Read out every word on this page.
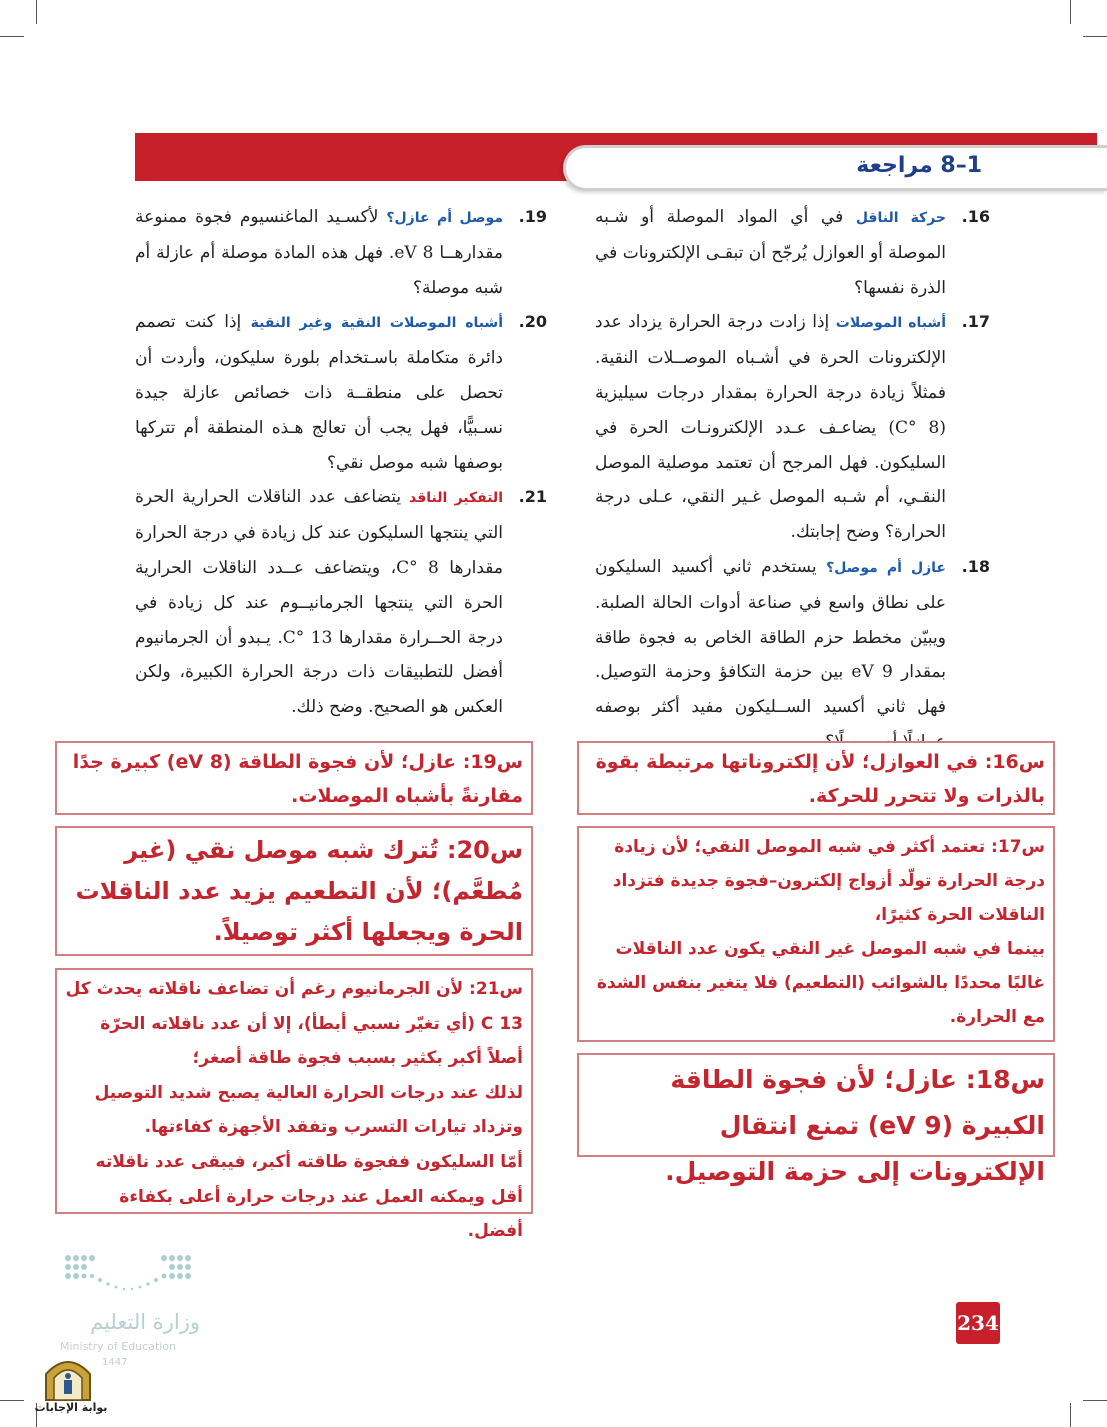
1–8 مراجعة
16.
حركة الناقل في أي المواد الموصلة أو شـبه الموصلة أو العوازل يُرجّح أن تبقـى الإلكترونات في الذرة نفسها؟
17.
أشباه الموصلات إذا زادت درجة الحرارة يزداد عدد الإلكترونات الحرة في أشـباه الموصــلات النقية. فمثلاً زيادة درجة الحرارة بمقدار درجات سيليزية (8 °C) يضاعـف عـدد الإلكترونـات الحرة في السليكون. فهل المرجح أن تعتمد موصلية الموصل النقـي، أم شـبه الموصل غـير النقي، عـلى درجة الحرارة؟ وضح إجابتك.
18.
عازل أم موصل؟ يستخدم ثاني أكسيد السليكون على نطاق واسع في صناعة أدوات الحالة الصلبة. ويبيّن مخطط حزم الطاقة الخاص به فجوة طاقة بمقدار 9 eV بين حزمة التكافؤ وحزمة التوصيل. فهل ثاني أكسيد الســليكون مفيد أكثر بوصفه
19.
موصل أم عازل؟ لأكسـيد الماغنسيوم فجوة ممنوعة مقدارهــا 8 eV. فهل هذه المادة موصلة أم عازلة أم شبه موصلة؟
20.
أشباه الموصلات النقية وغير النقية إذا كنت تصمم دائرة متكاملة باسـتخدام بلورة سليكون، وأردت أن تحصل على منطقــة ذات خصائص عازلة جيدة نسـبيًّا، فهل يجب أن تعالج هـذه المنطقة أم تتركها بوصفها شبه موصل نقي؟
21.
التفكير الناقد يتضاعف عدد الناقلات الحرارية الحرة التي ينتجها السليكون عند كل زيادة في درجة الحرارة مقدارها 8 °C، ويتضاعف عــدد الناقلات الحرارية الحرة التي ينتجها الجرمانيــوم عند كل زيادة في درجة الحــرارة مقدارها 13 °C. يـبدو أن الجرمانيوم أفضل للتطبيقات ذات درجة الحرارة الكبيرة، ولكن العكس هو الصحيح. وضح ذلك.

س16: في العوازل؛ لأن إلكتروناتها مرتبطة بقوة بالذرات ولا تتحرر للحركة.

س17: تعتمد أكثر في شبه الموصل النقي؛ لأن زيادة درجة الحرارة تولّد أزواج إلكترون–فجوة جديدة فتزداد الناقلات الحرة كثيرًا،

بينما في شبه الموصل غير النقي يكون عدد الناقلات غالبًا محددًا بالشوائب (التطعيم) فلا يتغير بنفس الشدة مع الحرارة.

س18: عازل؛ لأن فجوة الطاقة الكبيرة (9 eV) تمنع انتقال الإلكترونات إلى حزمة التوصيل.

س19: عازل؛ لأن فجوة الطاقة (8 eV) كبيرة جدًا مقارنةً بأشباه الموصلات.

س20: تُترك شبه موصل نقي (غير مُطعَّم)؛ لأن التطعيم يزيد عدد الناقلات الحرة ويجعلها أكثر توصيلاً.

س21: لأن الجرمانيوم رغم أن تضاعف ناقلاته يحدث كل 13 C (أي تغيّر نسبي أبطأ)، إلا أن عدد ناقلاته الحرّة أصلاً أكبر بكثير بسبب فجوة طاقة أصغر؛

لذلك عند درجات الحرارة العالية يصبح شديد التوصيل وتزداد تيارات التسرب وتفقد الأجهزة كفاءتها.

أمّا السليكون ففجوة طاقته أكبر، فيبقى عدد ناقلاته أقل ويمكنه العمل عند درجات حرارة أعلى بكفاءة أفضل.

234
وزارة التعليم
Ministry of Education
1447
بوابة الإجابات
